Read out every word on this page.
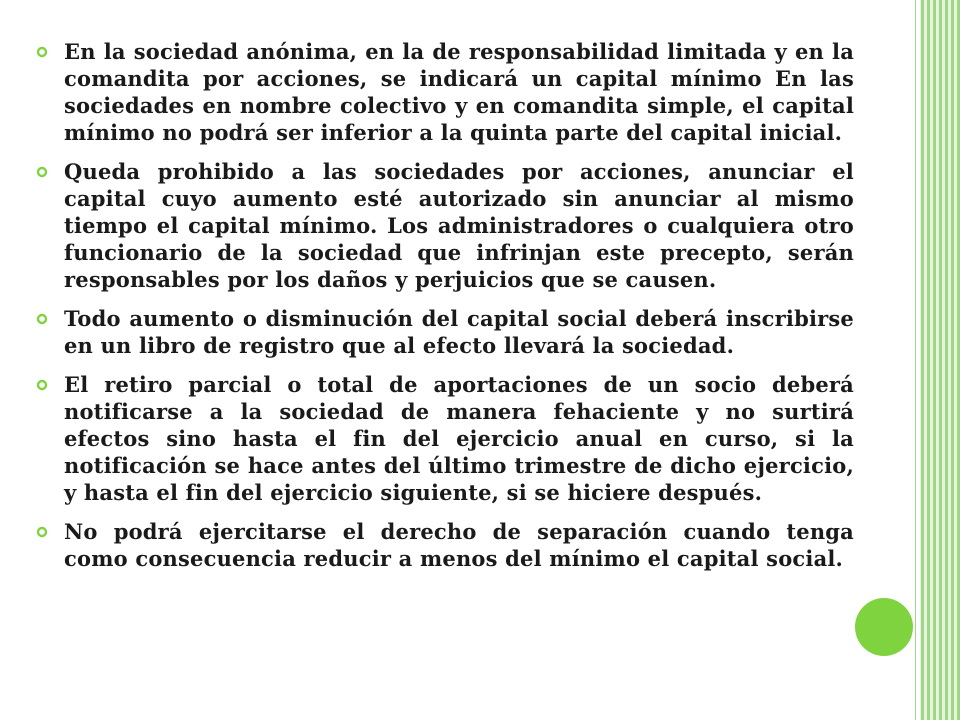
En la sociedad anónima, en la de responsabilidad limitada y en la comandita por acciones, se indicará un capital mínimo En las sociedades en nombre colectivo y en comandita simple, el capital mínimo no podrá ser inferior a la quinta parte del capital inicial.
Queda prohibido a las sociedades por acciones, anunciar el capital cuyo aumento esté autorizado sin anunciar al mismo tiempo el capital mínimo. Los administradores o cualquiera otro funcionario de la sociedad que infrinjan este precepto, serán responsables por los daños y perjuicios que se causen.
Todo aumento o disminución del capital social deberá inscribirse en un libro de registro que al efecto llevará la sociedad.
El retiro parcial o total de aportaciones de un socio deberá notificarse a la sociedad de manera fehaciente y no surtirá efectos sino hasta el fin del ejercicio anual en curso, si la notificación se hace antes del último trimestre de dicho ejercicio, y hasta el fin del ejercicio siguiente, si se hiciere después.
No podrá ejercitarse el derecho de separación cuando tenga como consecuencia reducir a menos del mínimo el capital social.
